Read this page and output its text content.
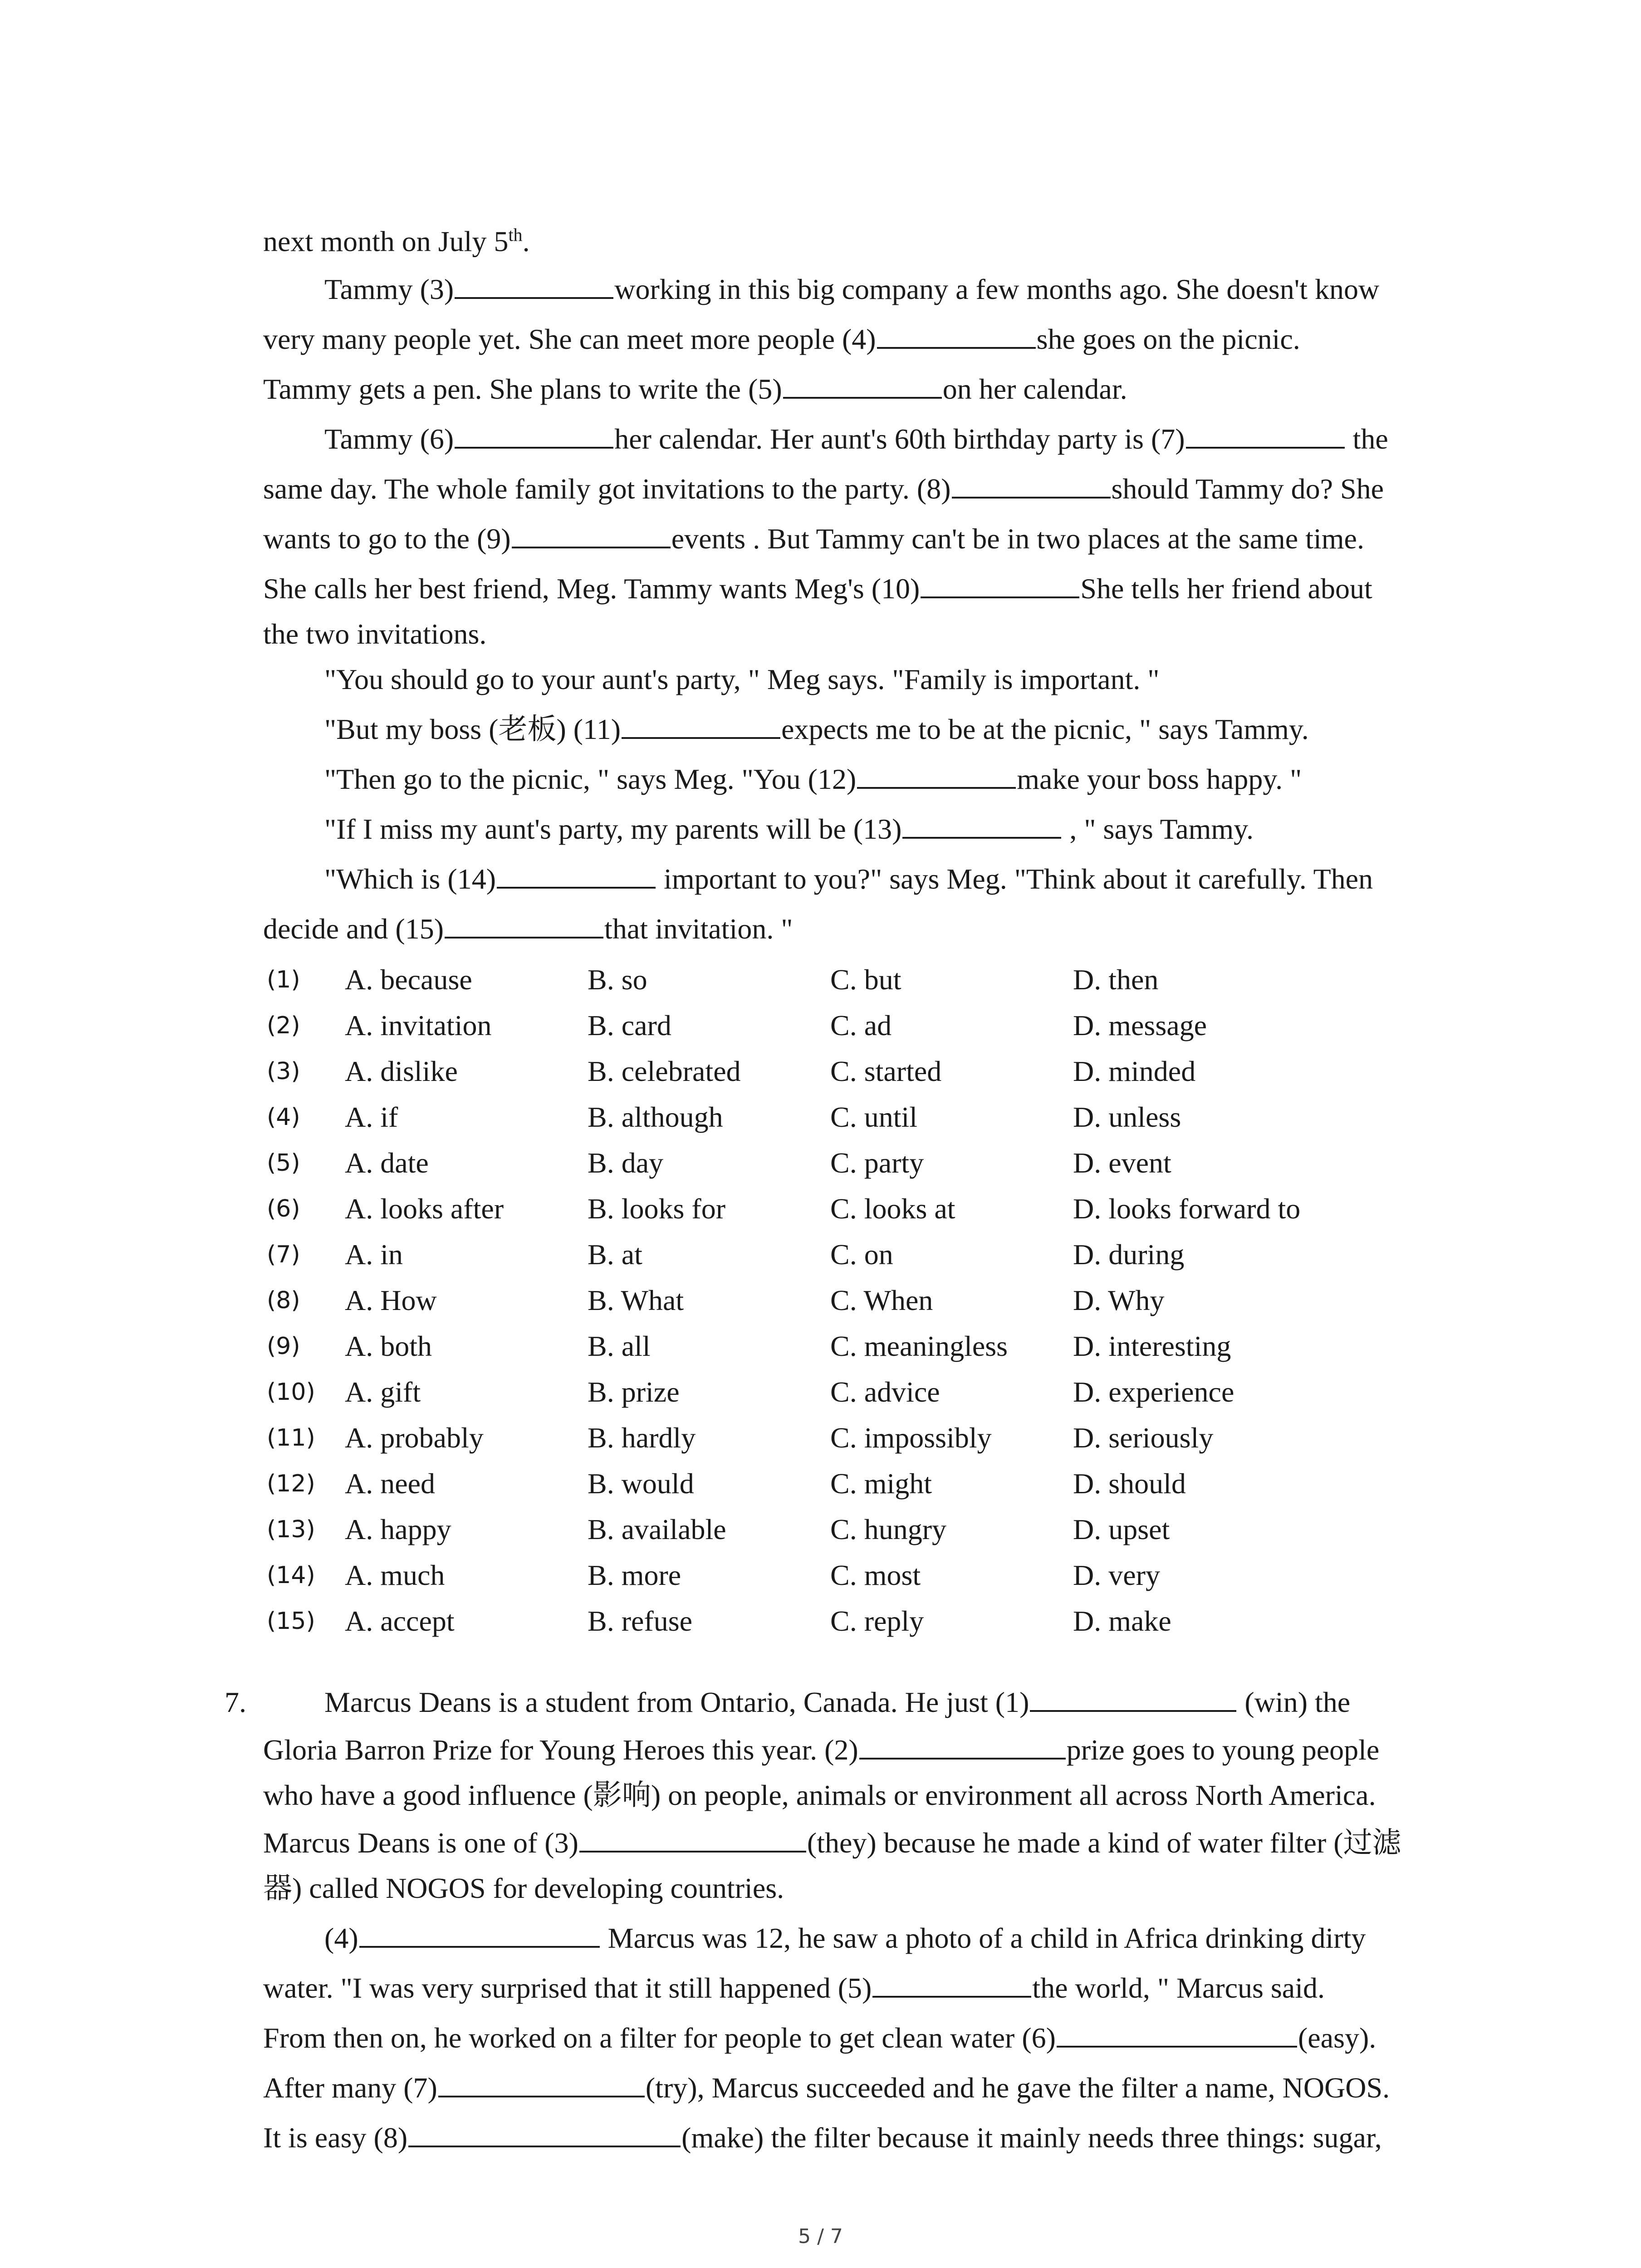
next month on July 5th.
Tammy (3)	working in this big company a few months ago. She doesn't know
very many people yet. She can meet more people (4)	she goes on the picnic.
Tammy gets a pen. She plans to write the (5)	on her calendar.
Tammy (6)	her calendar. Her aunt's 60th birthday party is (7)	the
same day. The whole family got invitations to the party. (8)	should Tammy do? She
wants to go to the (9)	events . But Tammy can't be in two places at the same time.
She calls her best friend, Meg. Tammy wants Meg's (10)	She tells her friend about
the two invitations.
"You should go to your aunt's party, " Meg says. "Family is important. "
"But my boss (老板) (11)	expects me to be at the picnic, " says Tammy.
"Then go to the picnic, " says Meg. "You (12)	make your boss happy. "
"If I miss my aunt's party, my parents will be (13)	, " says Tammy.
"Which is (14)	important to you?" says Meg. "Think about it carefully. Then
decide and (15)	that invitation. "
(1) A. because	B. so	C. but	D. then
(2) A. invitation	B. card	C. ad	D. message
(3) A. dislike	B. celebrated	C. started	D. minded
(4) A. if	B. although	C. until	D. unless
(5) A. date	B. day	C. party	D. event
(6) A. looks after	B. looks for	C. looks at	D. looks forward to
(7) A. in	B. at	C. on	D. during
(8) A. How	B. What	C. When	D. Why
(9) A. both	B. all	C. meaningless D. interesting
(10) A. gift	B. prize	C. advice	D. experience
(11) A. probably	B. hardly	C. impossibly	D. seriously
(12) A. need	B. would	C. might	D. should
(13) A. happy	B. available	C. hungry	D. upset
(14) A. much	B. more	C. most	D. very
(15) A. accept	B. refuse	C. reply	D. make
7.	Marcus Deans is a student from Ontario, Canada. He just (1)	(win) the
Gloria Barron Prize for Young Heroes this year. (2)	prize goes to young people
who have a good influence (影响) on people, animals or environment all across North America.
Marcus Deans is one of (3)	(they) because he made a kind of water filter (过滤
器) called NOGOS for developing countries.
(4)	Marcus was 12, he saw a photo of a child in Africa drinking dirty
water. "I was very surprised that it still happened (5)	the world, " Marcus said.
From then on, he worked on a filter for people to get clean water (6)	(easy).
After many (7)	(try), Marcus succeeded and he gave the filter a name, NOGOS.
It is easy (8)	(make) the filter because it mainly needs three things: sugar,
5 / 7
